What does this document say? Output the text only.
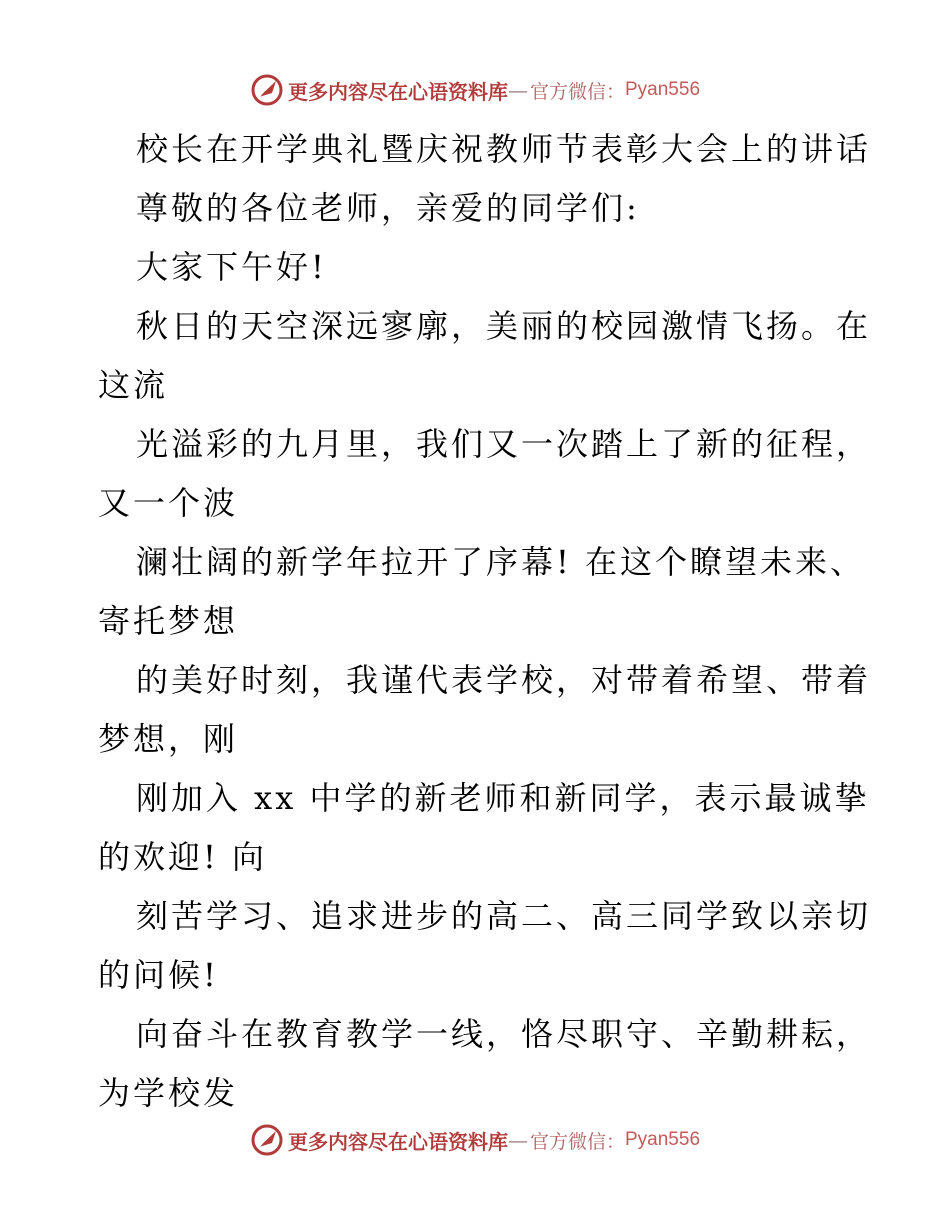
更多内容尽在心语资料库 — 官方微信： Pyan556
校长在开学典礼暨庆祝教师节表彰大会上的讲话
尊敬的各位老师，亲爱的同学们:
大家下午好!
秋日的天空深远寥廓，美丽的校园激情飞扬。在
这流
光溢彩的九月里，我们又一次踏上了新的征程，
又一个波
澜壮阔的新学年拉开了序幕! 在这个瞭望未来、
寄托梦想
的美好时刻，我谨代表学校，对带着希望、带着
梦想，刚
刚加入 xx 中学的新老师和新同学，表示最诚挚
的欢迎! 向
刻苦学习、追求进步的高二、高三同学致以亲切
的问候!
向奋斗在教育教学一线，恪尽职守、辛勤耕耘，
为学校发
更多内容尽在心语资料库 — 官方微信： Pyan556
